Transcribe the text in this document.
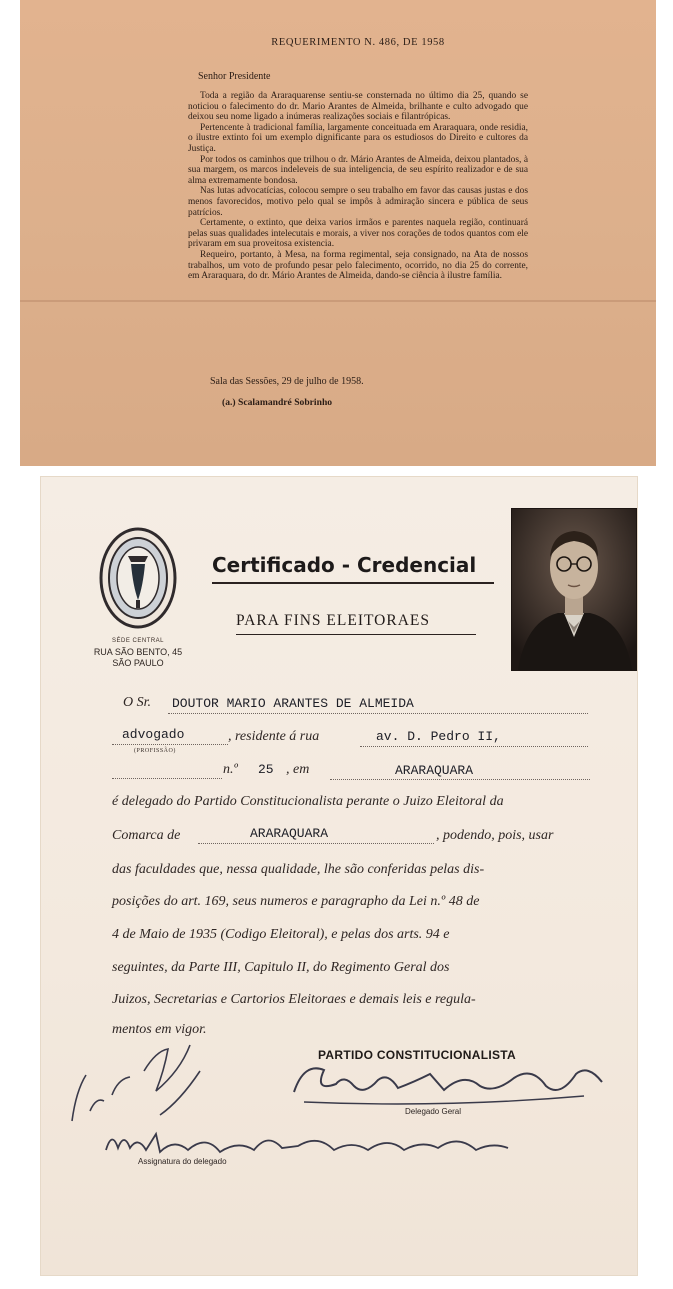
REQUERIMENTO N. 486, DE 1958
Senhor Presidente

Toda a região da Araraquarense sentiu-se consternada no último dia 25, quando se noticiou o falecimento do dr. Mario Arantes de Almeida, brilhante e culto advogado que deixou seu nome ligado a inúmeras realizações sociais e filantrópicas.

Pertencente à tradicional família, largamente conceituada em Araraquara, onde residia, o ilustre extinto foi um exemplo dignificante para os estudiosos do Direito e cultores da Justiça.

Por todos os caminhos que trilhou o dr. Mário Arantes de Almeida, deixou plantados, à sua margem, os marcos indeleveis de sua inteligencia, de seu espírito realizador e de sua alma extremamente bondosa.

Nas lutas advocatícias, colocou sempre o seu trabalho em favor das causas justas e dos menos favorecidos, motivo pelo qual se impôs à admiração sincera e pública de seus patrícios.

Certamente, o extinto, que deixa varios irmãos e parentes naquela região, continuará pelas suas qualidades intelecutais e morais, a viver nos corações de todos quantos com ele privaram em sua proveitosa existencia.

Requeiro, portanto, à Mesa, na forma regimental, seja consignado, na Ata de nossos trabalhos, um voto de profundo pesar pelo falecimento, ocorrido, no dia 25 do corrente, em Araraquara, do dr. Mário Arantes de Almeida, dando-se ciência à ilustre família.

Sala das Sessões, 29 de julho de 1958.
(a.) Scalamandré Sobrinho
SÉDE CENTRAL
RUA SÃO BENTO, 45
SÃO PAULO
Certificado - Credencial
PARA FINS ELEITORAES
O Sr. DOUTOR MARIO ARANTES DE ALMEIDA
advogado
(PROFISSÃO)
, residente á rua	av. D. Pedro II,
n.º 25 , em	ARARAQUARA
é delegado do Partido Constitucionalista perante o Juizo Eleitoral da
Comarca de	ARARAQUARA	, podendo, pois, usar
das faculdades que, nessa qualidade, lhe são conferidas pelas dis-
posições do art. 169, seus numeros e paragrapho da Lei n.º 48 de
4 de Maio de 1935 (Codigo Eleitoral), e pelas dos arts. 94 e
seguintes, da Parte III, Capitulo II, do Regimento Geral dos
Juizos, Secretarias e Cartorios Eleitoraes e demais leis e regula-
mentos em vigor.
PARTIDO CONSTITUCIONALISTA
Delegado Geral
Assignatura do delegado
